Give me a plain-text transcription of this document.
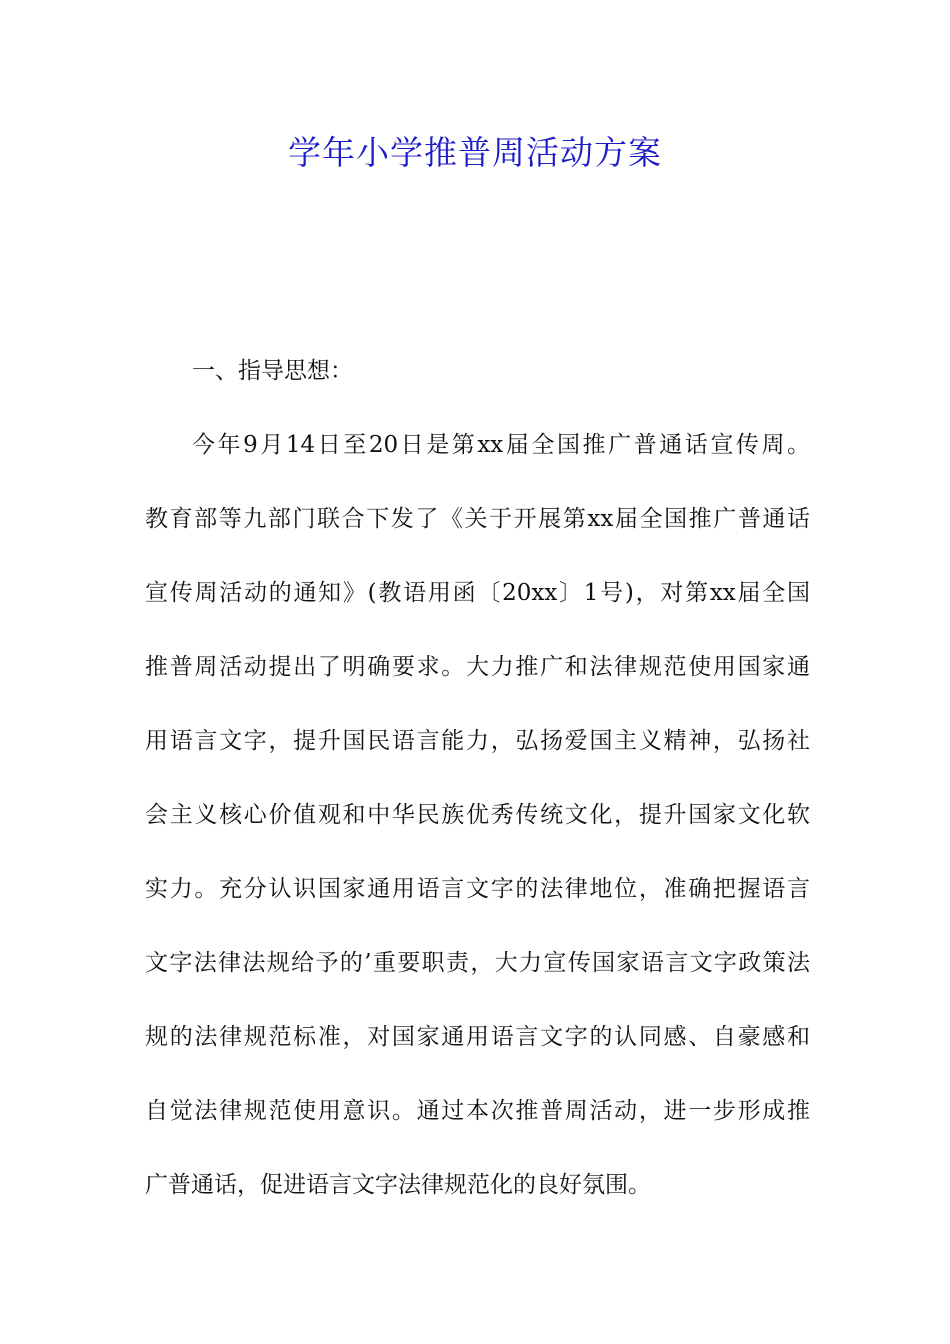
学年小学推普周活动方案

一、指导思想：

今年9月14日至20日是第xx届全国推广普通话宣传周。

教育部等九部门联合下发了《关于开展第xx届全国推广普通话

宣传周活动的通知》(教语用函〔20xx〕1号)，对第xx届全国

推普周活动提出了明确要求。大力推广和法律规范使用国家通

用语言文字，提升国民语言能力，弘扬爱国主义精神，弘扬社

会主义核心价值观和中华民族优秀传统文化，提升国家文化软

实力。充分认识国家通用语言文字的法律地位，准确把握语言

文字法律法规给予的’重要职责，大力宣传国家语言文字政策法

规的法律规范标准，对国家通用语言文字的认同感、自豪感和

自觉法律规范使用意识。通过本次推普周活动，进一步形成推

广普通话，促进语言文字法律规范化的良好氛围。
